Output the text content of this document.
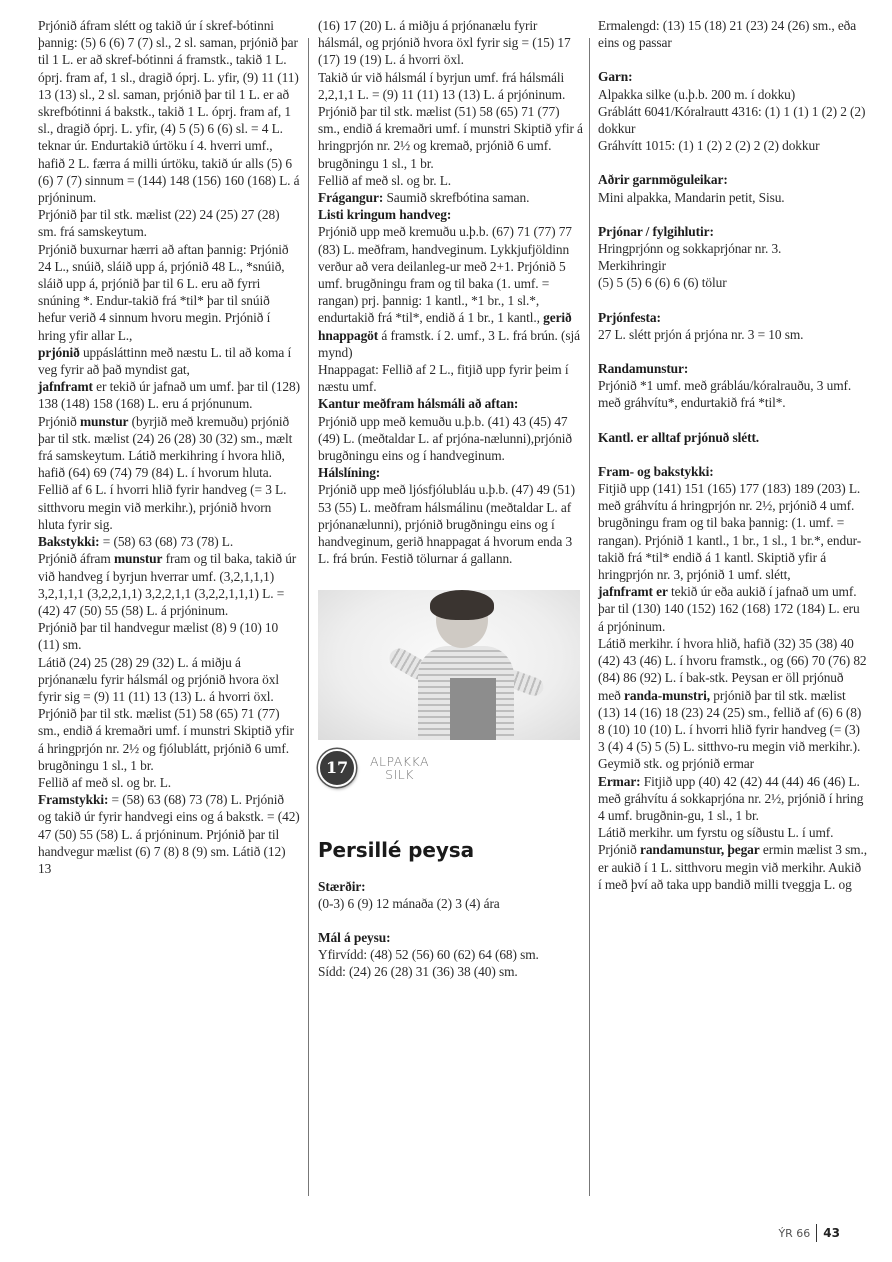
Prjónið áfram slétt og takið úr í skref-bótinni þannig: (5) 6 (6) 7 (7) sl., 2 sl. saman, prjónið þar til 1 L. er að skref-bótinni á framstk., takið 1 L. óprj. fram af, 1 sl., dragið óprj. L. yfir, (9) 11 (11) 13 (13) sl., 2 sl. saman, prjónið þar til 1 L. er að skrefbótinni á bakstk., takið 1 L. óprj. fram af, 1 sl., dragið óprj. L. yfir, (4) 5 (5) 6 (6) sl. = 4 L. teknar úr. Endurtakið úrtöku í 4. hverri umf., hafið 2 L. færra á milli úrtöku, takið úr alls (5) 6 (6) 7 (7) sinnum = (144) 148 (156) 160 (168) L. á prjóninum.

Prjónið þar til stk. mælist (22) 24 (25) 27 (28) sm. frá samskeytum.

Prjónið buxurnar hærri að aftan þannig: Prjónið 24 L., snúið, sláið upp á, prjónið 48 L., *snúið, sláið upp á, prjónið þar til 6 L. eru að fyrri snúning *. Endur-takið frá *til* þar til snúið hefur verið 4 sinnum hvoru megin. Prjónið í hring yfir allar L.,

prjónið uppásláttinn með næstu L. til að koma í veg fyrir að það myndist gat,

jafnframt er tekið úr jafnað um umf. þar til (128) 138 (148) 158 (168) L. eru á prjónunum.

Prjónið munstur (byrjið með kremuðu) prjónið þar til stk. mælist (24) 26 (28) 30 (32) sm., mælt frá samskeytum. Látið merkihring í hvora hlið, hafið (64) 69 (74) 79 (84) L. í hvorum hluta.

Fellið af 6 L. í hvorri hlið fyrir handveg (= 3 L. sitthvoru megin við merkihr.), prjónið hvorn hluta fyrir sig.

Bakstykki: = (58) 63 (68) 73 (78) L.

Prjónið áfram munstur fram og til baka, takið úr við handveg í byrjun hverrar umf. (3,2,1,1,1) 3,2,1,1,1 (3,2,2,1,1) 3,2,2,1,1 (3,2,2,1,1,1) L. = (42) 47 (50) 55 (58) L. á prjóninum.

Prjónið þar til handvegur mælist (8) 9 (10) 10 (11) sm.

Látið (24) 25 (28) 29 (32) L. á miðju á prjónanælu fyrir hálsmál og prjónið hvora öxl fyrir sig = (9) 11 (11) 13 (13) L. á hvorri öxl.

Prjónið þar til stk. mælist (51) 58 (65) 71 (77) sm., endið á kremaðri umf. í munstri Skiptið yfir á hringprjón nr. 2½ og fjólublátt, prjónið 6 umf. brugðningu 1 sl., 1 br.

Fellið af með sl. og br. L.

Framstykki: = (58) 63 (68) 73 (78) L. Prjónið og takið úr fyrir handvegi eins og á bakstk. = (42) 47 (50) 55 (58) L. á prjóninum. Prjónið þar til handvegur mælist (6) 7 (8) 8 (9) sm. Látið (12) 13

(16) 17 (20) L. á miðju á prjónanælu fyrir hálsmál, og prjónið hvora öxl fyrir sig = (15) 17 (17) 19 (19) L. á hvorri öxl.

Takið úr við hálsmál í byrjun umf. frá hálsmáli 2,2,1,1 L. = (9) 11 (11) 13 (13) L. á prjóninum.

Prjónið þar til stk. mælist (51) 58 (65) 71 (77) sm., endið á kremaðri umf. í munstri Skiptið yfir á hringprjón nr. 2½ og kremað, prjónið 6 umf. brugðningu 1 sl., 1 br.

Fellið af með sl. og br. L.

Frágangur: Saumið skrefbótina saman.

Listi kringum handveg:

Prjónið upp með kremuðu u.þ.b. (67) 71 (77) 77 (83) L. meðfram, handveginum. Lykkjufjöldinn verður að vera deilanleg-ur með 2+1. Prjónið 5 umf. brugðningu fram og til baka (1. umf. = rangan) prj. þannig: 1 kantl., *1 br., 1 sl.*, endurtakið frá *til*, endið á 1 br., 1 kantl., gerið hnappagöt á framstk. í 2. umf., 3 L. frá brún. (sjá mynd)

Hnappagat: Fellið af 2 L., fitjið upp fyrir þeim í næstu umf.

Kantur meðfram hálsmáli að aftan:

Prjónið upp með kemuðu u.þ.b. (41) 43 (45) 47 (49) L. (meðtaldar L. af prjóna-nælunni),prjónið brugðningu eins og í handveginum.

Hálslíning:

Prjónið upp með ljósfjólubláu u.þ.b. (47) 49 (51) 53 (55) L. meðfram hálsmálinu (meðtaldar L. af prjónanælunni), prjónið brugðningu eins og í handveginum, gerið hnappagat á hvorum enda 3 L. frá brún. Festið tölurnar á gallann.

17	ALPAKKA
SILK
Persillé peysa

Stærðir:

(0-3) 6 (9) 12 mánaða (2) 3 (4) ára

Mál á peysu:

Yfirvídd: (48) 52 (56) 60 (62) 64 (68) sm.

Sídd: (24) 26 (28) 31 (36) 38 (40) sm.

Ermalengd: (13) 15 (18) 21 (23) 24 (26) sm., eða eins og passar

Garn:

Alpakka silke (u.þ.b. 200 m. í dokku)

Gráblátt 6041/Kóralrautt 4316: (1) 1 (1) 1 (2) 2 (2) dokkur

Gráhvítt 1015: (1) 1 (2) 2 (2) 2 (2) dokkur

Aðrir garnmöguleikar:

Mini alpakka, Mandarin petit, Sisu.

Prjónar / fylgihlutir:

Hringprjónn og sokkaprjónar nr. 3.

Merkihringir

(5) 5 (5) 6 (6) 6 (6) tölur

Prjónfesta:

27 L. slétt prjón á prjóna nr. 3 = 10 sm.

Randamunstur:

Prjónið *1 umf. með grábláu/kóralrauðu, 3 umf. með gráhvítu*, endurtakið frá *til*.

Kantl. er alltaf prjónuð slétt.

Fram- og bakstykki:

Fitjið upp (141) 151 (165) 177 (183) 189 (203) L. með gráhvítu á hringprjón nr. 2½, prjónið 4 umf. brugðningu fram og til baka þannig: (1. umf. = rangan). Prjónið 1 kantl., 1 br., 1 sl., 1 br.*, endur-takið frá *til* endið á 1 kantl. Skiptið yfir á hringprjón nr. 3, prjónið 1 umf. slétt,

jafnframt er tekið úr eða aukið í jafnað um umf. þar til (130) 140 (152) 162 (168) 172 (184) L. eru á prjóninum.

Látið merkihr. í hvora hlið, hafið (32) 35 (38) 40 (42) 43 (46) L. í hvoru framstk., og (66) 70 (76) 82 (84) 86 (92) L. í bak-stk. Peysan er öll prjónuð með randa-munstri, prjónið þar til stk. mælist (13) 14 (16) 18 (23) 24 (25) sm., fellið af (6) 6 (8) 8 (10) 10 (10) L. í hvorri hlið fyrir handveg (= (3) 3 (4) 4 (5) 5 (5) L. sitthvo-ru megin við merkihr.).

Geymið stk. og prjónið ermar

Ermar: Fitjið upp (40) 42 (42) 44 (44) 46 (46) L. með gráhvítu á sokkaprjóna nr. 2½, prjónið í hring 4 umf. brugðnin-gu, 1 sl., 1 br.

Látið merkihr. um fyrstu og síðustu L. í umf.

Prjónið randamunstur, þegar ermin mælist 3 sm., er aukið í 1 L. sitthvoru megin við merkihr. Aukið í með því að taka upp bandið milli tveggja L. og

ÝR 66 43
